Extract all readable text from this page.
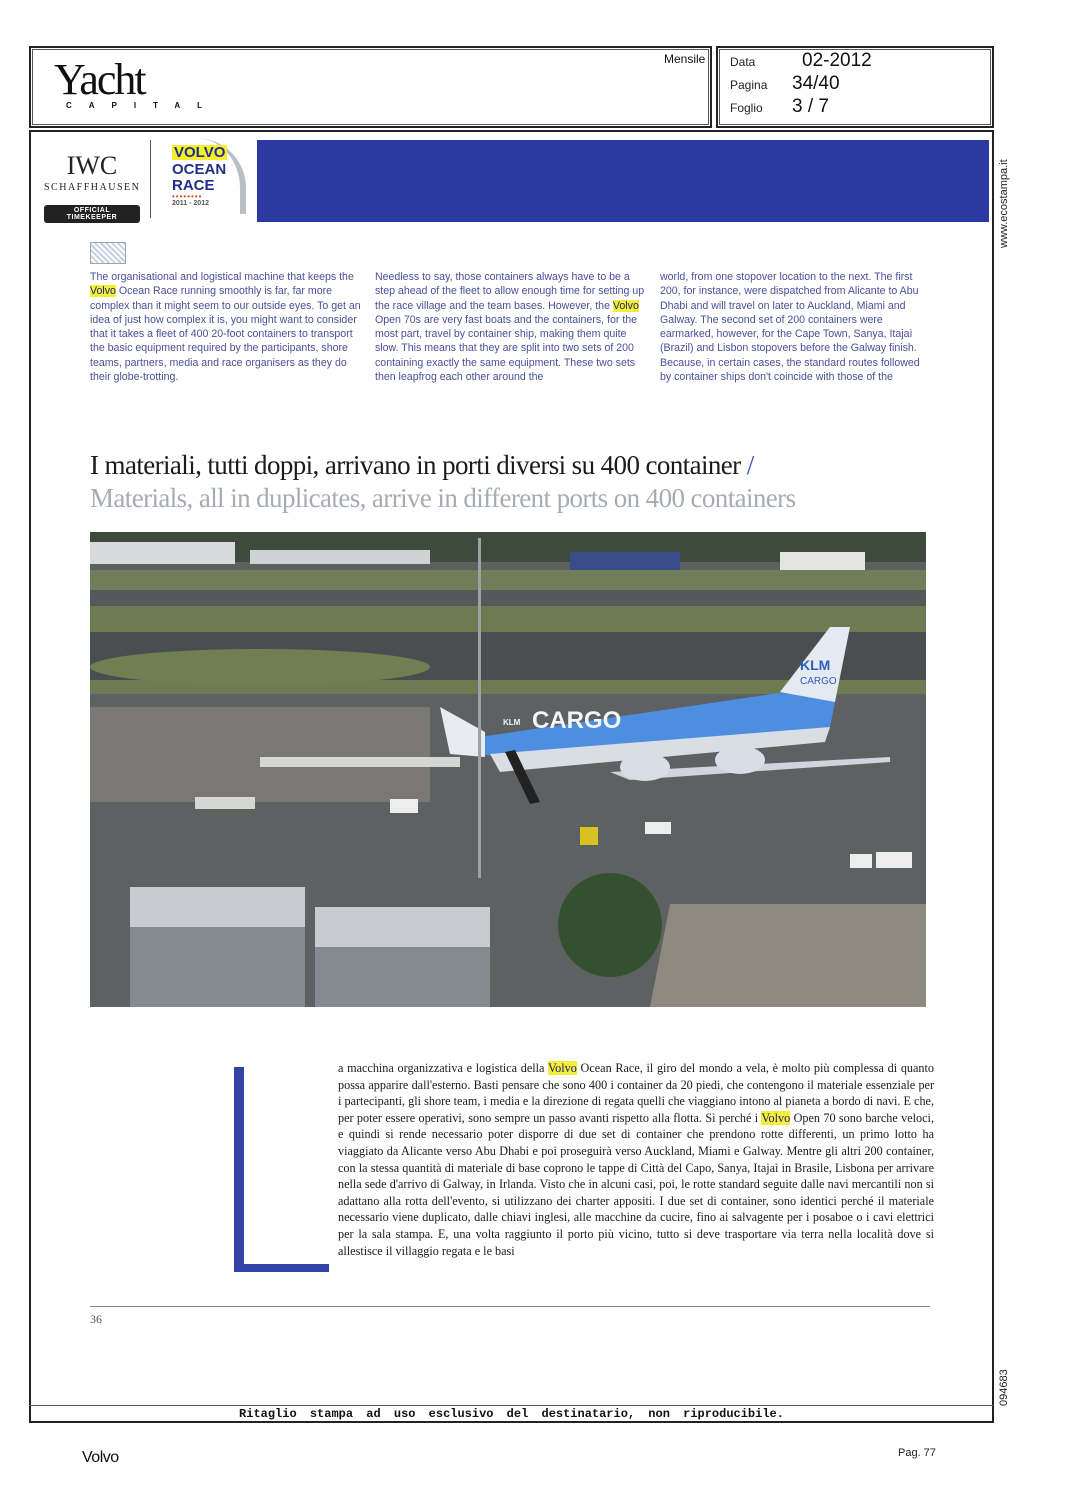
Yacht
CAPITAL
Mensile Data 02-2012
Pagina 34/40
Foglio 3 / 7
www.ecostampa.it
094683
IWC
SCHAFFHAUSEN
OFFICIAL TIMEKEEPER
VOLVO
OCEAN
RACE
••••••••
2011 - 2012
The organisational and logistical machine that keeps the Volvo Ocean Race running smoothly is far, far more complex than it might seem to our outside eyes. To get an idea of just how complex it is, you might want to consider that it takes a fleet of 400 20-foot containers to transport the basic equipment required by the participants, shore teams, partners, media and race organisers as they do their globe-trotting.
Needless to say, those containers always have to be a step ahead of the fleet to allow enough time for setting up the race village and the team bases. However, the Volvo Open 70s are very fast boats and the containers, for the most part, travel by container ship, making them quite slow. This means that they are split into two sets of 200 containing exactly the same equipment. These two sets then leapfrog each other around the
world, from one stopover location to the next. The first 200, for instance, were dispatched from Alicante to Abu Dhabi and will travel on later to Auckland, Miami and Galway. The second set of 200 containers were earmarked, however, for the Cape Town, Sanya, Itajaì (Brazil) and Lisbon stopovers before the Galway finish. Because, in certain cases, the standard routes followed by container ships don't coincide with those of the
I materiali, tutti doppi, arrivano in porti diversi su 400 container /
Materials, all in duplicates, arrive in different ports on 400 containers
CARGO
KLM
KLM
CARGO
a macchina organizzativa e logistica della Volvo Ocean Race, il giro del mondo a vela, è molto più complessa di quanto possa apparire dall'esterno. Basti pensare che sono 400 i container da 20 piedi, che contengono il materiale essenziale per i partecipanti, gli shore team, i media e la direzione di regata quelli che viaggiano intono al pianeta a bordo di navi. E che, per poter essere operativi, sono sempre un passo avanti rispetto alla flotta. Sì perché i Volvo Open 70 sono barche veloci, e quindi si rende necessario poter disporre di due set di container che prendono rotte differenti, un primo lotto ha viaggiato da Alicante verso Abu Dhabi e poi proseguirà verso Auckland, Miami e Galway. Mentre gli altri 200 container, con la stessa quantità di materiale di base coprono le tappe di Città del Capo, Sanya, Itajaì in Brasile, Lisbona per arrivare nella sede d'arrivo di Galway, in Irlanda. Visto che in alcuni casi, poi, le rotte standard seguite dalle navi mercantili non si adattano alla rotta dell'evento, si utilizzano dei charter appositi. I due set di container, sono identici perché il materiale necessario viene duplicato, dalle chiavi inglesi, alle macchine da cucire, fino ai salvagente per i posaboe o i cavi elettrici per la sala stampa. E, una volta raggiunto il porto più vicino, tutto si deve trasportare via terra nella località dove si allestisce il villaggio regata e le basi
36
Ritaglio stampa ad uso esclusivo del destinatario, non riproducibile.
Volvo	Pag. 77
